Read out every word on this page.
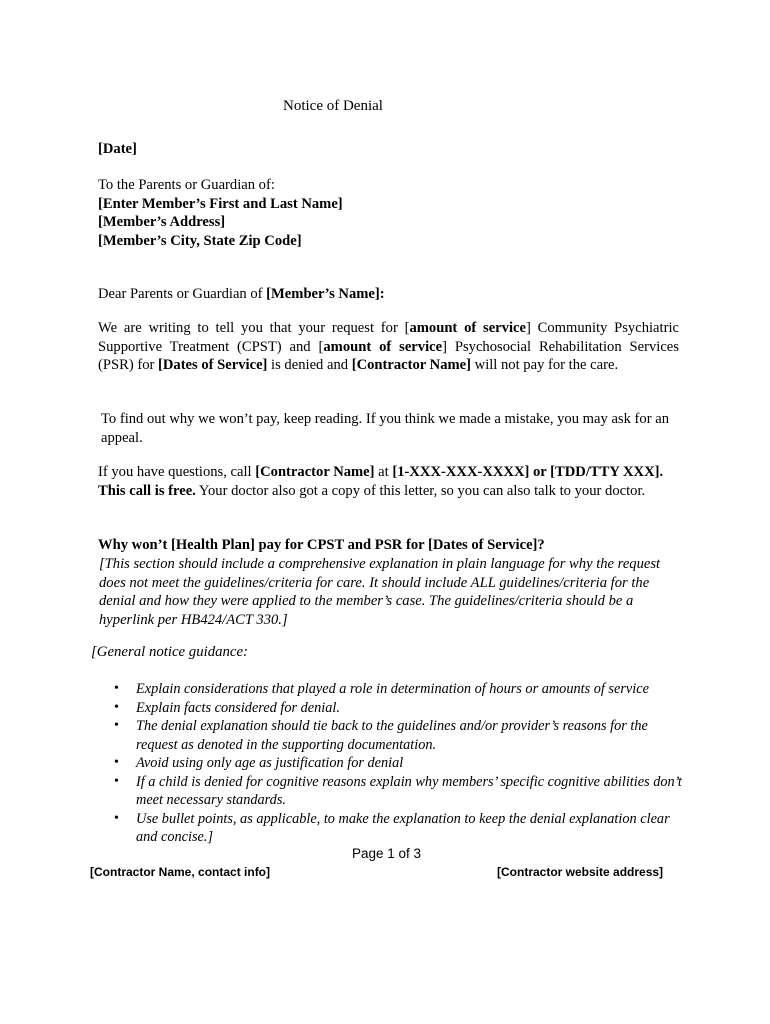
Notice of Denial
[Date]
To the Parents or Guardian of:
[Enter Member’s First and Last Name]
[Member’s Address]
[Member’s City, State Zip Code]
Dear Parents or Guardian of [Member’s Name]:
We are writing to tell you that your request for [amount of service] Community Psychiatric Supportive Treatment (CPST) and [amount of service] Psychosocial Rehabilitation Services (PSR) for [Dates of Service] is denied and [Contractor Name] will not pay for the care.
To find out why we won’t pay, keep reading. If you think we made a mistake, you may ask for an appeal.
If you have questions, call [Contractor Name] at [1-XXX-XXX-XXXX] or [TDD/TTY XXX]. This call is free. Your doctor also got a copy of this letter, so you can also talk to your doctor.
Why won’t [Health Plan] pay for CPST and PSR for [Dates of Service]?
[This section should include a comprehensive explanation in plain language for why the request does not meet the guidelines/criteria for care. It should include ALL guidelines/criteria for the denial and how they were applied to the member’s case. The guidelines/criteria should be a hyperlink per HB424/ACT 330.]
[General notice guidance:
• Explain considerations that played a role in determination of hours or amounts of service
• Explain facts considered for denial.
• The denial explanation should tie back to the guidelines and/or provider’s reasons for the request as denoted in the supporting documentation.
• Avoid using only age as justification for denial
• If a child is denied for cognitive reasons explain why members’ specific cognitive abilities don’t meet necessary standards.
• Use bullet points, as applicable, to make the explanation to keep the denial explanation clear and concise.]
Page 1 of 3
[Contractor Name, contact info]	[Contractor website address]
